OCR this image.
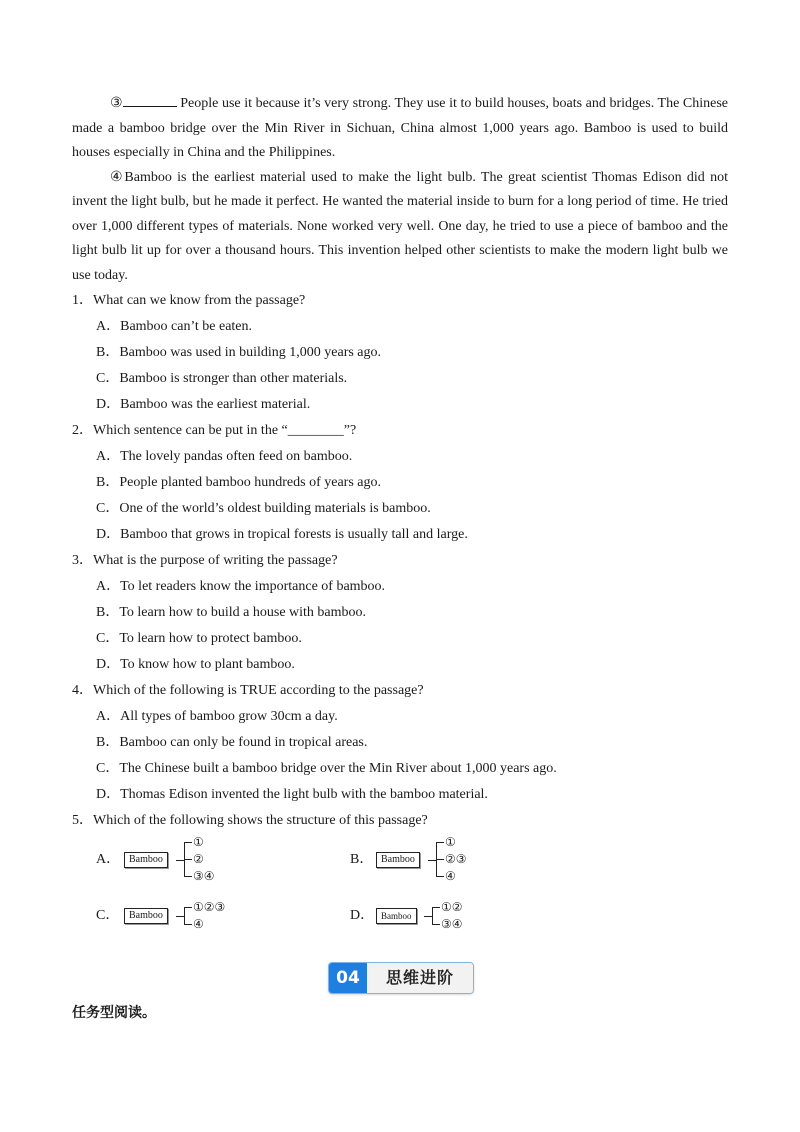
③	People use it because it’s very strong. They use it to build houses, boats and bridges. The Chinese made a bamboo bridge over the Min River in Sichuan, China almost 1,000 years ago. Bamboo is used to build houses especially in China and the Philippines.

④Bamboo is the earliest material used to make the light bulb. The great scientist Thomas Edison did not invent the light bulb, but he made it perfect. He wanted the material inside to burn for a long period of time. He tried over 1,000 different types of materials. None worked very well. One day, he tried to use a piece of bamboo and the light bulb lit up for over a thousand hours. This invention helped other scientists to make the modern light bulb we use today.

1．What can we know from the passage?

A．Bamboo can’t be eaten.

B．Bamboo was used in building 1,000 years ago.

C．Bamboo is stronger than other materials.

D．Bamboo was the earliest material.

2．Which sentence can be put in the “________”?

A．The lovely pandas often feed on bamboo.

B．People planted bamboo hundreds of years ago.

C．One of the world’s oldest building materials is bamboo.

D．Bamboo that grows in tropical forests is usually tall and large.

3．What is the purpose of writing the passage?

A．To let readers know the importance of bamboo.

B．To learn how to build a house with bamboo.

C．To learn how to protect bamboo.

D．To know how to plant bamboo.

4．Which of the following is TRUE according to the passage?

A．All types of bamboo grow 30cm a day.

B．Bamboo can only be found in tropical areas.

C．The Chinese built a bamboo bridge over the Min River about 1,000 years ago.

D．Thomas Edison invented the light bulb with the bamboo material.

5．Which of the following shows the structure of this passage?

A． Bamboo
①
②
③④
B． Bamboo
①
②③
④
C． Bamboo
①②③
④
D． Bamboo
①②
③④
04	思维进阶
任务型阅读。
